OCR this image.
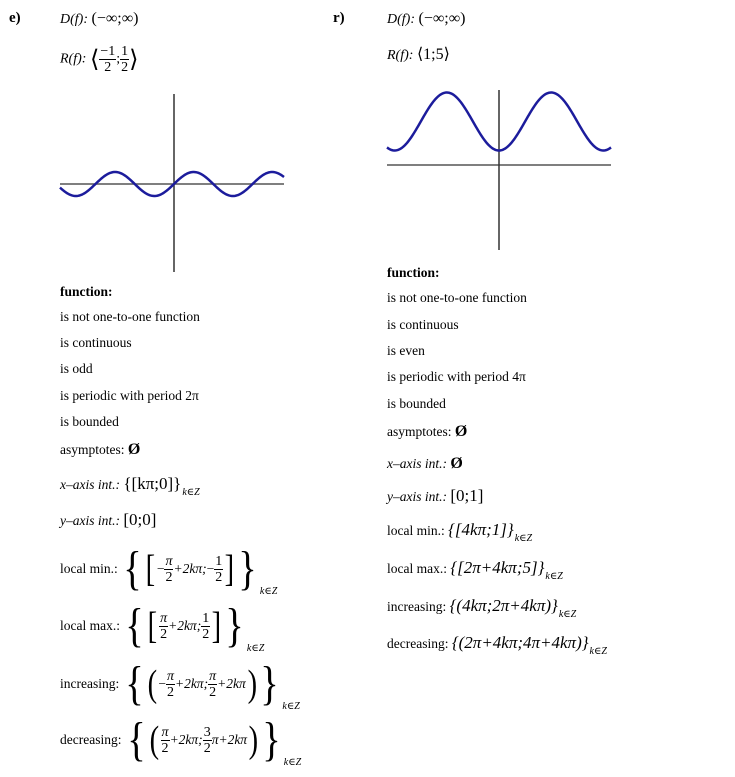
e)	D(f): (−∞;∞)
R(f): ⟨ $\frac{-1}{2}$ ; $\frac{1}{2}$ ⟩
function:
is not one-to-one function
is continuous
is odd
is periodic with period 2π
is bounded
asymptotes: Ø
x–axis int.: $\{[k\pi;0]\}_{k\in Z}$
y–axis int.: [0;0]
local min.: { [ − $\frac{\pi}{2}$ +2kπ;− $\frac{1}{2}$ ]} $_{k\in Z}$
local max.: { [ $\frac{\pi}{2} +2k\pi$; $\frac{1}{2}$ ]} $_{k\in Z}$
increasing: { ( − $\frac{\pi}{2} +2k\pi$; $\frac{\pi}{2} +2k\pi$)} $_{k\in Z}$
decreasing: { ( $\frac{\pi}{2} +2k\pi$; $\frac{3}{2} \pi+2k\pi$)} $_{k\in Z}$
r)	D(f): (−∞;∞)
R(f): ⟨1;5⟩
function:
is not one-to-one function
is continuous
is even
is periodic with period 4π
is bounded
asymptotes: Ø
x–axis int.: Ø
y–axis int.: [0;1]
local min.: $\{[4k\pi;1]\}_{k\in Z}$
local max.: $\{[2\pi+4k\pi;5]\}_{k\in Z}$
increasing: $\{(4k\pi;2\pi+4k\pi)\}_{k\in Z}$
decreasing: $\{(2\pi+4k\pi;4\pi+4k\pi)\}_{k\in Z}$
